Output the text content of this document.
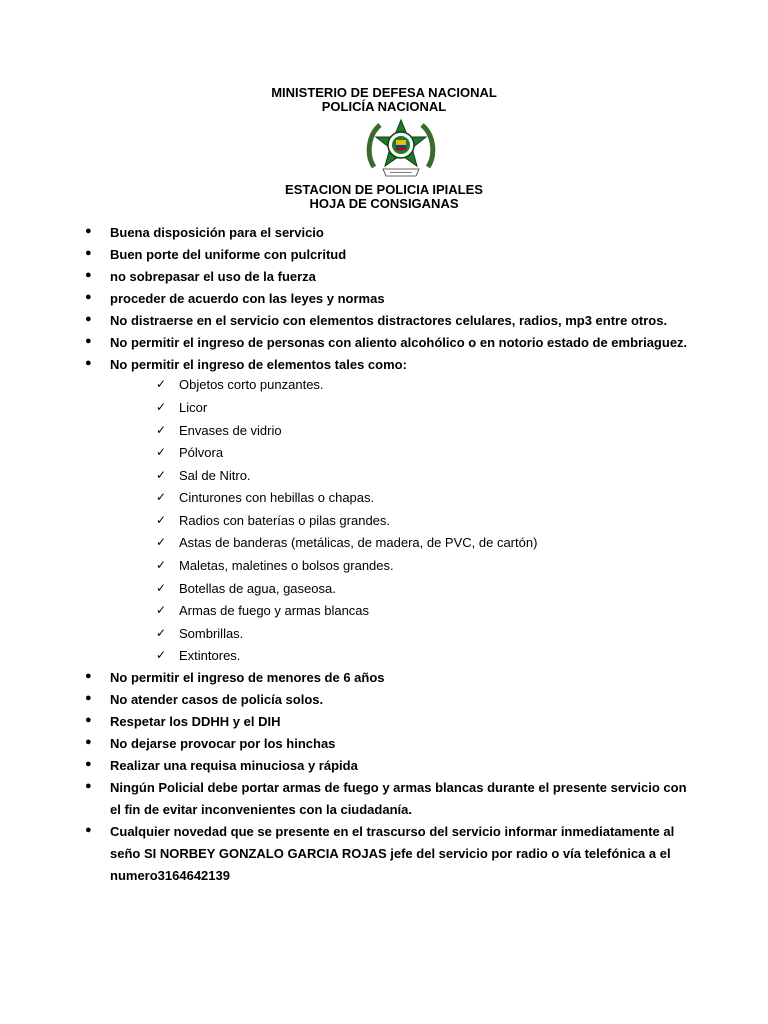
MINISTERIO DE DEFESA NACIONAL
POLICÍA NACIONAL
ESTACION DE POLICIA IPIALES
HOJA DE CONSIGANAS
● Buena disposición para el servicio
● Buen porte del uniforme con pulcritud
● no sobrepasar el uso de la fuerza
● proceder de acuerdo con las leyes y normas
● No distraerse en el servicio con elementos distractores celulares, radios, mp3 entre otros.
● No permitir el ingreso de personas con aliento alcohólico o en notorio estado de embriaguez.
● No permitir el ingreso de elementos tales como:
✓ Objetos corto punzantes.
✓ Licor
✓ Envases de vidrio
✓ Pólvora
✓ Sal de Nitro.
✓ Cinturones con hebillas o chapas.
✓ Radios con baterías o pilas grandes.
✓ Astas de banderas (metálicas, de madera, de PVC, de cartón)
✓ Maletas, maletines o bolsos grandes.
✓ Botellas de agua, gaseosa.
✓ Armas de fuego y armas blancas
✓ Sombrillas.
✓ Extintores.
● No permitir el ingreso de menores de 6 años
● No atender casos de policía solos.
● Respetar los DDHH y el DIH
● No dejarse provocar por los hinchas
● Realizar una requisa minuciosa y rápida
● Ningún Policial debe portar armas de fuego y armas blancas durante el presente servicio con
el fin de evitar inconvenientes con la ciudadanía.
● Cualquier novedad que se presente en el trascurso del servicio informar inmediatamente al
seño SI NORBEY GONZALO GARCIA ROJAS jefe del servicio por radio o vía telefónica a el
numero3164642139
